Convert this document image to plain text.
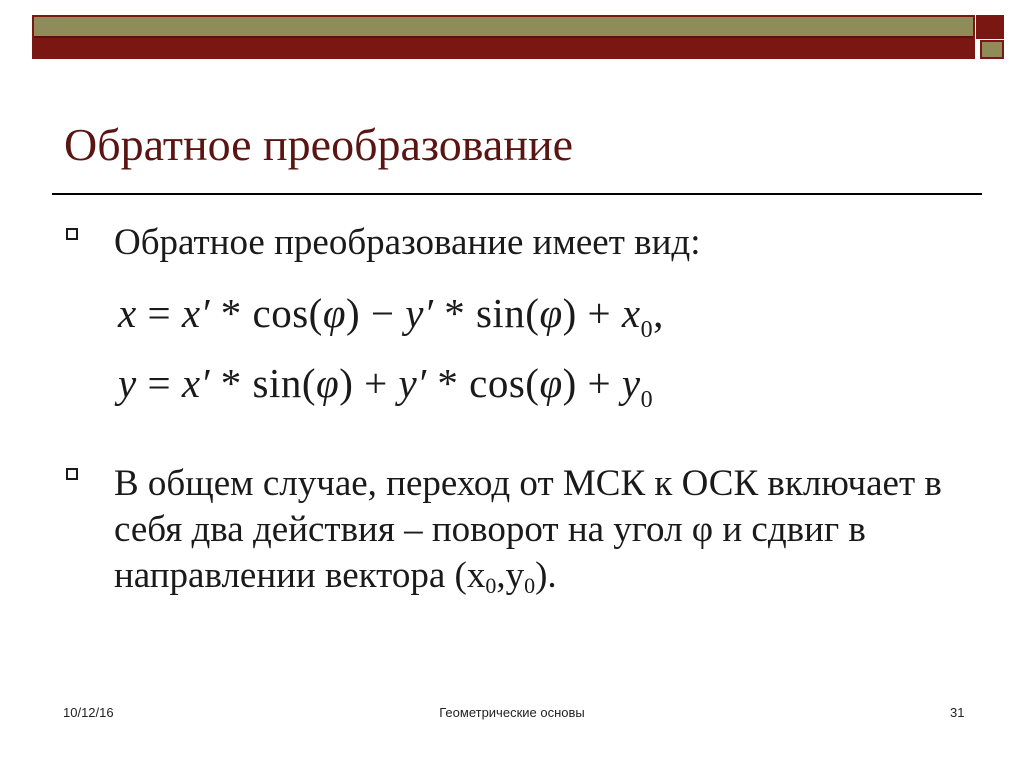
Обратное преобразование
Обратное преобразование имеет вид:
$x = x' * \cos(\varphi) - y' * \sin(\varphi) + x_0$,
$y = x' * \sin(\varphi) + y' * \cos(\varphi) + y_0$
В общем случае, переход от МСК к ОСК включает в себя два действия – поворот на угол φ и сдвиг в направлении вектора (x0,y0).
10/12/16	Геометрические основы	31
